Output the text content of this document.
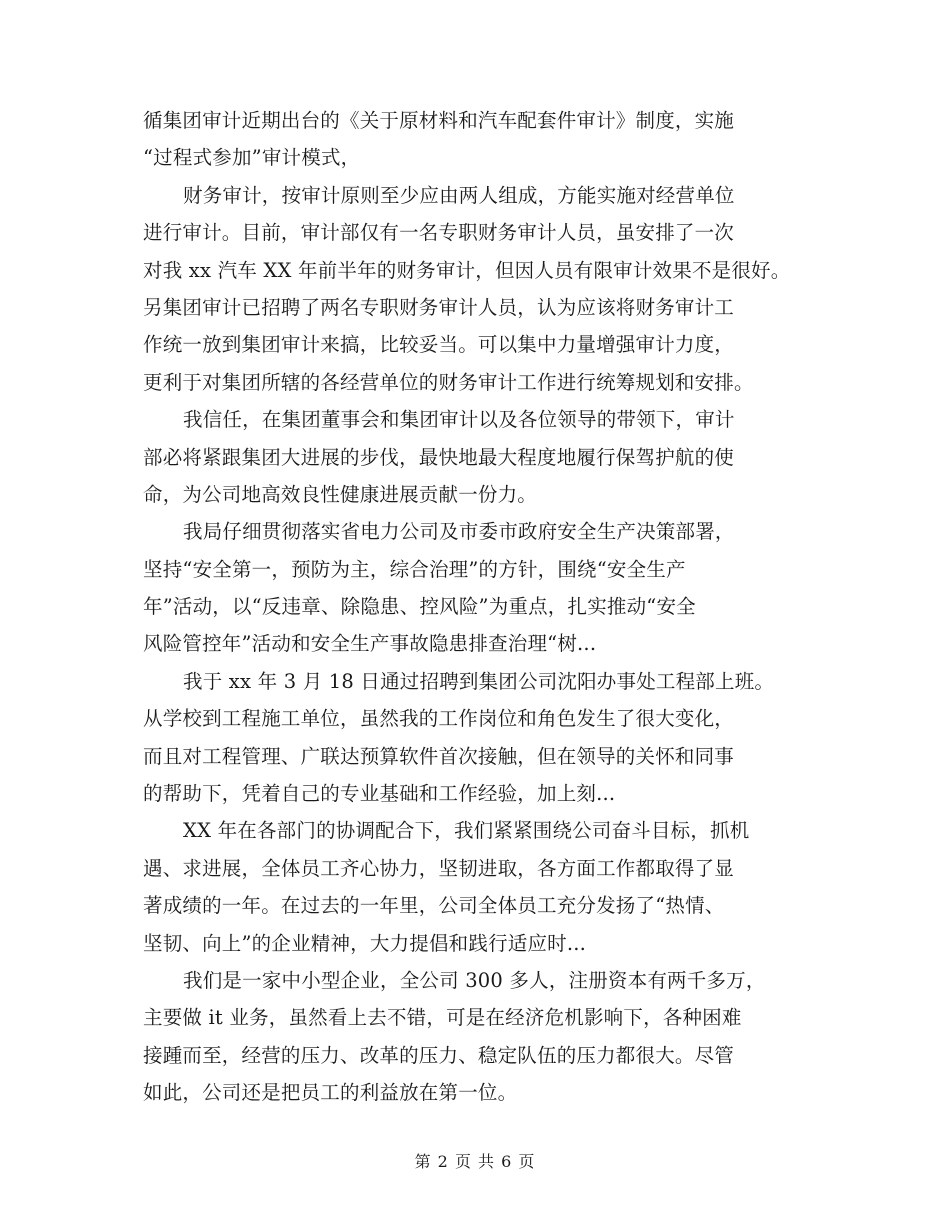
循集团审计近期出台的《关于原材料和汽车配套件审计》制度，实施
“过程式参加”审计模式，
财务审计，按审计原则至少应由两人组成，方能实施对经营单位
进行审计。目前，审计部仅有一名专职财务审计人员，虽安排了一次
对我 xx 汽车 XX 年前半年的财务审计，但因人员有限审计效果不是很好。
另集团审计已招聘了两名专职财务审计人员，认为应该将财务审计工
作统一放到集团审计来搞，比较妥当。可以集中力量增强审计力度，
更利于对集团所辖的各经营单位的财务审计工作进行统筹规划和安排。
我信任，在集团董事会和集团审计以及各位领导的带领下，审计
部必将紧跟集团大进展的步伐，最快地最大程度地履行保驾护航的使
命，为公司地高效良性健康进展贡献一份力。
我局仔细贯彻落实省电力公司及市委市政府安全生产决策部署，
坚持“安全第一，预防为主，综合治理”的方针，围绕“安全生产
年”活动，以“反违章、除隐患、控风险”为重点，扎实推动“安全
风险管控年”活动和安全生产事故隐患排查治理“树...
我于 xx 年 3 月 18 日通过招聘到集团公司沈阳办事处工程部上班。
从学校到工程施工单位，虽然我的工作岗位和角色发生了很大变化，
而且对工程管理、广联达预算软件首次接触，但在领导的关怀和同事
的帮助下，凭着自己的专业基础和工作经验，加上刻...
XX 年在各部门的协调配合下，我们紧紧围绕公司奋斗目标，抓机
遇、求进展，全体员工齐心协力，坚韧进取，各方面工作都取得了显
著成绩的一年。在过去的一年里，公司全体员工充分发扬了“热情、
坚韧、向上”的企业精神，大力提倡和践行适应时...
我们是一家中小型企业，全公司 300 多人，注册资本有两千多万，
主要做 it 业务，虽然看上去不错，可是在经济危机影响下，各种困难
接踵而至，经营的压力、改革的压力、稳定队伍的压力都很大。尽管
如此，公司还是把员工的利益放在第一位。
第 2 页 共 6 页
